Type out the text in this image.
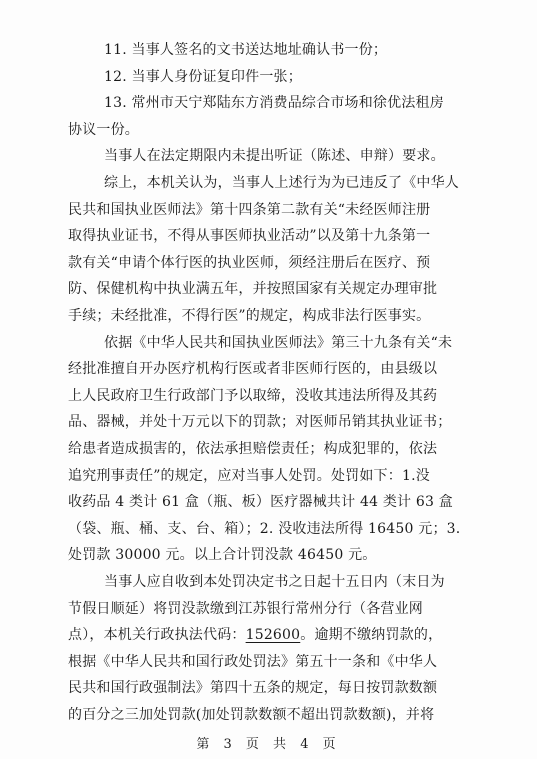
11. 当事人签名的文书送达地址确认书一份；
12. 当事人身份证复印件一张；
13. 常州市天宁郑陆东方消费品综合市场和徐优法租房
协议一份。
当事人在法定期限内未提出听证（陈述、申辩）要求。
综上，本机关认为，当事人上述行为为已违反了《中华人
民共和国执业医师法》第十四条第二款有关“未经医师注册
取得执业证书，不得从事医师执业活动”以及第十九条第一
款有关“申请个体行医的执业医师，须经注册后在医疗、预
防、保健机构中执业满五年，并按照国家有关规定办理审批
手续；未经批准，不得行医”的规定，构成非法行医事实。
依据《中华人民共和国执业医师法》第三十九条有关“未
经批准擅自开办医疗机构行医或者非医师行医的，由县级以
上人民政府卫生行政部门予以取缔，没收其违法所得及其药
品、器械，并处十万元以下的罚款；对医师吊销其执业证书；
给患者造成损害的，依法承担赔偿责任；构成犯罪的，依法
追究刑事责任”的规定，应对当事人处罚。处罚如下：1.没
收药品 4 类计 61 盒（瓶、板）医疗器械共计 44 类计 63 盒
（袋、瓶、桶、支、台、箱）；2. 没收违法所得 16450 元；3.
处罚款 30000 元。以上合计罚没款 46450 元。
当事人应自收到本处罚决定书之日起十五日内（末日为
节假日顺延）将罚没款缴到江苏银行常州分行（各营业网
点），本机关行政执法代码：152600。逾期不缴纳罚款的，
根据《中华人民共和国行政处罚法》第五十一条和《中华人
民共和国行政强制法》第四十五条的规定，每日按罚款数额
第 3 页 共 4 页
的百分之三加处罚款(加处罚款数额不超出罚款数额)，并将
